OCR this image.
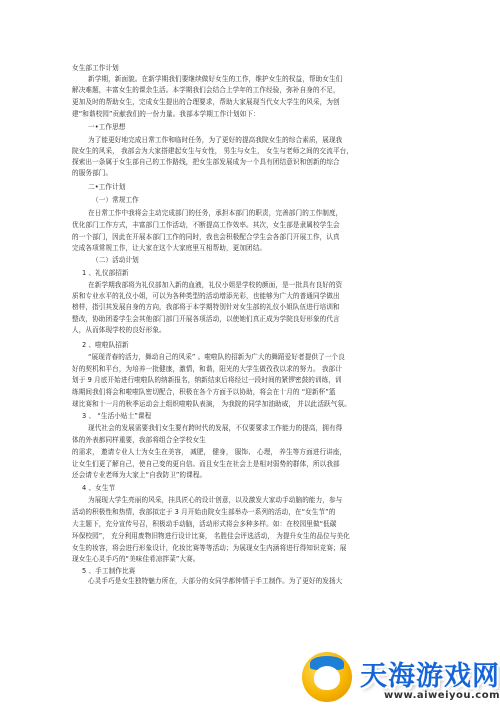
女生部工作计划
新学期，新面貌。在新学期我们要继续做好女生的工作，维护女生的权益，帮助女生们
解决难题，丰富女生的课余生活。本学期我们会结合上学年的工作经验，弥补自身的不足，
更加及时的帮助女生，完成女生提出的合理要求，帮助大家展现当代女大学生的风采，为创
建“和谐校园”贡献我们的一份力量。我部本学期工作计划如下：
一•工作思想
为了能更好地完成日常工作和临时任务，为了更好的提高我院女生的综合素质，展现我
院女生的风采， 我部会为大家搭建起女生与女性， 男生与女生， 女生与老师之间的交流平台，
探索出一条属于女生部自己的工作路线，把女生部发展成为一个具有团结意识和创新的综合
的服务部门。
二•工作计划
（一）常规工作
在日常工作中我将会主动完成部门的任务，承担本部门的职责，完善部门的工作制度，
优化部门工作方式，丰富部门工作活动，不断提高工作效率。其次，女生部是隶属校学生会
的一个部门，因此在开展本部门工作的同时，我也会积极配合学生会各部门开展工作，认真
完成各项常规工作，让大家在这个大家庭里互相帮助，更加团结。
（二）活动计划
1 、礼仪部招新
在新学期我部将为礼仪部加入新的血液，礼仪小姐是学校的颜面，是一批具有良好的资
质和专业水平的礼仪小姐，可以为各种类型的活动增添光彩，也能够为广大的普通同学做出
榜样，指引其发展自身的方向，我部将于本学期特别针对女生部的礼仪小姐队伍进行培训和
整改，协助团委学生会其他部门部门开展各项活动，以使她们真正成为学院良好形象的代言
人，从而体现学校的良好形象。
2 、啦啦队招新
“展现青春的活力，舞动自己的风采” 。啦啦队的招新为广大的舞蹈爱好者提供了一个良
好的契机和平台，为培养一批健康，激情，和谐，阳光的大学生做孜孜以求的努力。 我部计
划于 9 月底开始进行啦啦队的纳新报名，纳新结束后将经过一段时间的紧锣密鼓的训练，训
练期间我们将会和啦啦队密切配合，积极在各个方面予以协助，将会在十月的 “迎新杯”篮
球比赛和十一月的秋季运动会上组织啦啦队表演， 为我院的同学加油助威， 并以此活跃气氛。
3 、 “生活小贴士”课程
现代社会的发展需要我们女生要有跨时代的发展，不仅要要求工作能力的提高，拥有得
体的外表都同样重要，我部将组合全学校女生
的需求， 邀请专业人士为女生在美容， 减肥， 健身， 服饰、 心理， 养生等方面进行讲座，
让女生们更了解自己，使自己变的更自信。而且女生在社会上是相对弱势的群体，所以我部
还会请专业老师为大家上“自我防卫”的课程。
4 、女生节
为展现大学生亮丽的风采，挂具匠心的设计创意，以及激发大家动手动脑的能力，参与
活动的积极性和热情，我部拟定于 3 月开始由院女生部举办一系列的活动，在“女生节”的
大主题下，充分宣传号召，积极动手动脑，活动形式将会多种多样。如：在校园里做“低碳
环保校园”， 充分利用废物旧物进行设计比赛， 名胜佳会评选活动， 为提升女生的品位与美化
女生的妆容，将会进行形象设计，化妆比赛等等活动；为展现女生内涵将进行得知识竞赛；展
现女生心灵手巧的“美味佳肴凉拌菜”大赛。
5 、手工制作比赛
心灵手巧是女生独特魅力所在，大部分的女同学都钟情于手工制作。为了更好的发扬大
天海游戏网
www.aiweiyou.com
